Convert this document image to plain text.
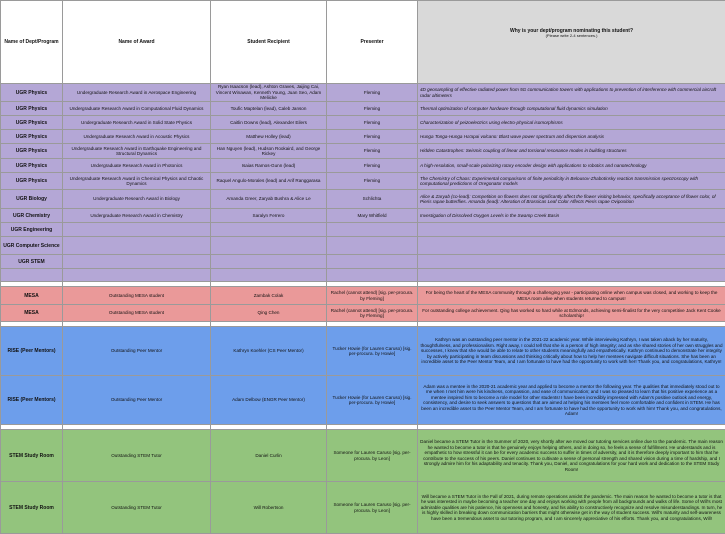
Name of Dept/Program	Name of Award	Student Recipient	Presenter	Why is your dept/program nominating this student?
(Please write 2-4 sentences.)

UGR Physics	Undergraduate Research Award in Aerospace Engineering	Ryan Isaacson (lead), Ashton Graves, Jaijing Cai, Vincent Winawan, Kenneth Young, Juan Seo, Adam Meliicke	Fleming	4D geosampling of effective radiated power from 5G communication towers with applications to prevention of interference with commercial aircraft radar altimeters
UGR Physics	Undergraduate Research Award in Computational Fluid Dynamics	Toufic Maptelan (lead), Caleb Janson	Fleming	Thermal optimization of computer hardware through computational fluid dynamics simulation
UGR Physics	Undergraduate Research Award in Solid State Physics	Caitlin Downs (lead), Alexander Eilers	Fleming	Characterization of peizoelectrics using electro-physical isomorphisms
UGR Physics	Undergraduate Research Award in Acoustic Physics	Matthew Holley (lead)	Fleming	Hunga Tonga-Hunga Ha'apai volcano: Blast wave power spectrum and dispersion analysis
UGR Physics	Undergraduate Research Award in Earthquake Engineering and Structural Dynamics	Han Nguyen (lead), Hudson Rookaird, and George Rickey	Fleming	Hidden Catastrophes: Seismic coupling of linear and torsional resonance modes in building structures
UGR Physics	Undergraduate Research Award in Photonics	Isaias Ramos-Gunn (lead)	Fleming	A high-resolution, small-scale polarizing rotary encoder design with applications to robotics and nanotechnology
UGR Physics	Undergraduate Research Award in Chemical Physics and Chaotic Dynamics	Raquel Angulo-Morales (lead) and Arif Ranggarasa	Fleming	The Chemistry of Chaos: Experimental comparisons of finite periodicity in Belousov-Zhabotinsky reaction transmission spectroscopy with computational predictions of Oregonator models
UGR Biology	Undergraduate Research Award in Biology	Amanda Greer, Zaryab Bushra & Alice Le	Schlichta	Alice & Zaryab (co-lead): Competition on flowers does not significantly affect the flower visiting behavior, specifically acceptance of flower color, of Pieris rapae butterflies. Amanda (lead): Alteration of Brassicas Leaf Color Affects Pieris rapae Oviposition
UGR Chemistry	Undergraduate Research Award in Chemistry	Saralyn Ferrero	Mary Whitfield	Investigation of Dissolved Oxygen Levels in the Swamp Creek Basin
UGR Engineering				
UGR Computer Science				
UGR STEM				

MESA	Outstanding MESA student	Zambak Colak	Rachel (cannot attend) [sig. per-procura. by Fleming]	For being the heart of the MESA community through a challenging year - participating online when campus was closed, and working to keep the MESA room alive when students returned to campus!
MESA	Outstanding MESA student	Qing Chen	Rachel (cannot attend) [sig. per-procura. by Fleming]	For outstanding college achievement. Qing has worked so hard while at Edmonds, achieving semi-finalist for the very competitive Jack Kent Cooke scholarship!

RISE (Peer Mentors)	Outstanding Peer Mentor	Kathryn Koehler (CS Peer Mentor)	Tucker Howie (for Lauren Caruso) [sig. per-procura. by Howie]	Kathryn was an outstanding peer mentor in the 2021-22 academic year. While interviewing Kathryn, I was taken aback by her maturity, thoughtfulness, and professionalism. Right away, I could tell that she is a person of high integrity; and as she shared stories of her own struggles and successes, I knew that she would be able to relate to other students meaningfully and empathetically. Kathryn continued to demonstrate her integrity by actively participating in team discussions and thinking critically about how to help her mentees navigate difficult situations. She has been an incredible asset to the Peer Mentor Team, and I am fortunate to have had the opportunity to work with her! Thank you, and congratulations, Kathryn!
RISE (Peer Mentors)	Outstanding Peer Mentor	Adam Delbow (ENGR Peer Mentor)	Tucker Howie (for Lauren Caruso) [sig. per-procura. by Howie]	Adam was a mentee in the 2020-21 academic year and applied to become a mentor the following year. The qualities that immediately stood out to me when I met him were his kindness, compassion, and ease of communication; and I was so pleased to learn that his positive experience as a mentee inspired him to become a role model for other students! I have been incredibly impressed with Adam's positive outlook and energy, consistency, and desire to seek answers to questions that are aimed at helping his mentees feel more comfortable and confident in STEM. He has been an incredible asset to the Peer Mentor Team, and I am fortunate to have had the opportunity to work with him! Thank you, and congratulations, Adam!

STEM Study Room	Outstanding STEM Tutor	Daniel Curlin	Someone for Lauren Caruso [sig. per-procura. by Leon]	Daniel became a STEM Tutor in the Summer of 2020, very shortly after we moved our tutoring services online due to the pandemic. The main reason he wanted to become a tutor is that he genuinely enjoys helping others, and in doing so, he feels a sense of fulfillment. He understands and is empathetic to how stressful it can be for every academic success to suffer in times of adversity, and it is therefore deeply important to him that he contribute to the success of his peers. Daniel continues to cultivate a sense of personal strength and shared vision during a time of hardship, and I strongly admire him for his adaptability and tenacity. Thank you, Daniel, and congratulations for your hard work and dedication to the STEM Study Room!
STEM Study Room	Outstanding STEM Tutor	Will Robertson	Someone for Lauren Caruso [sig. per-procura. by Leon]	Will became a STEM Tutor in the Fall of 2021, during remote operations amidst the pandemic. The main reason he wanted to become a tutor is that he was interested in maybe becoming a teacher one day and enjoys working with people from all backgrounds and walks of life. Some of Will's most admirable qualities are his patience, his openness and honesty, and his ability to constructively recognize and resolve misunderstandings. In turn, he is highly skilled in breaking down communication barriers that might otherwise get in the way of student success. Will's maturity and self-awareness have been a tremendous asset to our tutoring program, and I am sincerely appreciative of his efforts. Thank you, and congratulations, Will!
